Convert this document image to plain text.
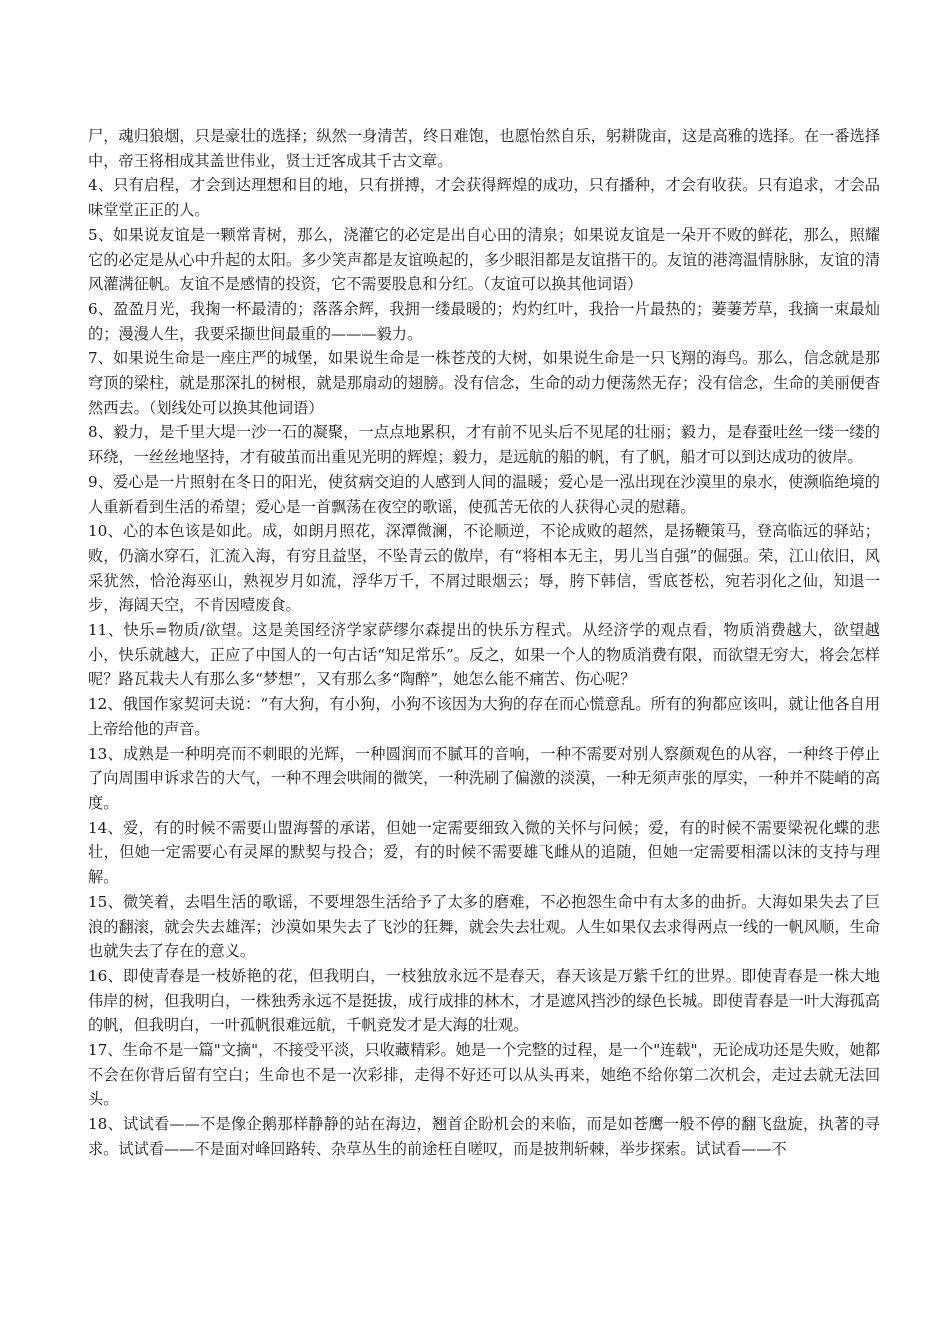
尸，魂归狼烟，只是豪壮的选择；纵然一身清苦，终日难饱，也愿怡然自乐，躬耕陇亩，这是高雅的选择。在一番选择中，帝王将相成其盖世伟业，贤士迁客成其千古文章。

4、只有启程，才会到达理想和目的地，只有拼搏，才会获得辉煌的成功，只有播种，才会有收获。只有追求，才会品味堂堂正正的人。

5、如果说友谊是一颗常青树，那么，浇灌它的必定是出自心田的清泉；如果说友谊是一朵开不败的鲜花，那么，照耀它的必定是从心中升起的太阳。多少笑声都是友谊唤起的，多少眼泪都是友谊揩干的。友谊的港湾温情脉脉，友谊的清风灌满征帆。友谊不是感情的投资，它不需要股息和分红。（友谊可以换其他词语）

6、盈盈月光，我掬一杯最清的；落落余辉，我拥一缕最暖的；灼灼红叶，我拾一片最热的；萋萋芳草，我摘一束最灿的；漫漫人生，我要采撷世间最重的———毅力。

7、如果说生命是一座庄严的城堡，如果说生命是一株苍茂的大树，如果说生命是一只飞翔的海鸟。那么，信念就是那穹顶的梁柱，就是那深扎的树根，就是那扇动的翅膀。没有信念，生命的动力便荡然无存；没有信念，生命的美丽便杳然西去。（划线处可以换其他词语）

8、毅力，是千里大堤一沙一石的凝聚，一点点地累积，才有前不见头后不见尾的壮丽；毅力，是春蚕吐丝一缕一缕的环绕，一丝丝地坚持，才有破茧而出重见光明的辉煌；毅力，是远航的船的帆，有了帆，船才可以到达成功的彼岸。

9、爱心是一片照射在冬日的阳光，使贫病交迫的人感到人间的温暖；爱心是一泓出现在沙漠里的泉水，使濒临绝境的人重新看到生活的希望；爱心是一首飘荡在夜空的歌谣，使孤苦无依的人获得心灵的慰藉。

10、心的本色该是如此。成，如朗月照花，深潭微澜，不论顺逆，不论成败的超然，是扬鞭策马，登高临远的驿站；败，仍滴水穿石，汇流入海，有穷且益坚，不坠青云的傲岸，有“将相本无主，男儿当自强”的倔强。荣，江山依旧，风采犹然，恰沧海巫山，熟视岁月如流，浮华万千，不屑过眼烟云；辱，胯下韩信，雪底苍松，宛若羽化之仙，知退一步，海阔天空，不肯因噎废食。

11、快乐=物质/欲望。这是美国经济学家萨缪尔森提出的快乐方程式。从经济学的观点看，物质消费越大，欲望越小，快乐就越大，正应了中国人的一句古话“知足常乐”。反之，如果一个人的物质消费有限，而欲望无穷大，将会怎样呢？路瓦栽夫人有那么多“梦想”，又有那么多“陶醉”，她怎么能不痛苦、伤心呢？

12、俄国作家契诃夫说：“有大狗，有小狗，小狗不该因为大狗的存在而心慌意乱。所有的狗都应该叫，就让他各自用上帝给他的声音。

13、成熟是一种明亮而不刺眼的光辉，一种圆润而不腻耳的音响，一种不需要对别人察颜观色的从容，一种终于停止了向周围申诉求告的大气，一种不理会哄闹的微笑，一种洗刷了偏激的淡漠，一种无须声张的厚实，一种并不陡峭的高度。

14、爱，有的时候不需要山盟海誓的承诺，但她一定需要细致入微的关怀与问候；爱，有的时候不需要梁祝化蝶的悲壮，但她一定需要心有灵犀的默契与投合；爱，有的时候不需要雄飞雌从的追随，但她一定需要相濡以沫的支持与理解。

15、微笑着，去唱生活的歌谣，不要埋怨生活给予了太多的磨难，不必抱怨生命中有太多的曲折。大海如果失去了巨浪的翻滚，就会失去雄浑；沙漠如果失去了飞沙的狂舞，就会失去壮观。人生如果仅去求得两点一线的一帆风顺，生命也就失去了存在的意义。

16、即使青春是一枝娇艳的花，但我明白，一枝独放永远不是春天，春天该是万紫千红的世界。即使青春是一株大地伟岸的树，但我明白，一株独秀永远不是挺拔，成行成排的林木，才是遮风挡沙的绿色长城。即使青春是一叶大海孤高的帆，但我明白，一叶孤帆很难远航，千帆竞发才是大海的壮观。

17、生命不是一篇"文摘"，不接受平淡，只收藏精彩。她是一个完整的过程，是一个"连载"，无论成功还是失败，她都不会在你背后留有空白；生命也不是一次彩排，走得不好还可以从头再来，她绝不给你第二次机会，走过去就无法回头。

18、试试看——不是像企鹅那样静静的站在海边，翘首企盼机会的来临，而是如苍鹰一般不停的翻飞盘旋，执著的寻求。试试看——不是面对峰回路转、杂草丛生的前途枉自嗟叹，而是披荆斩棘，举步探索。试试看——不
